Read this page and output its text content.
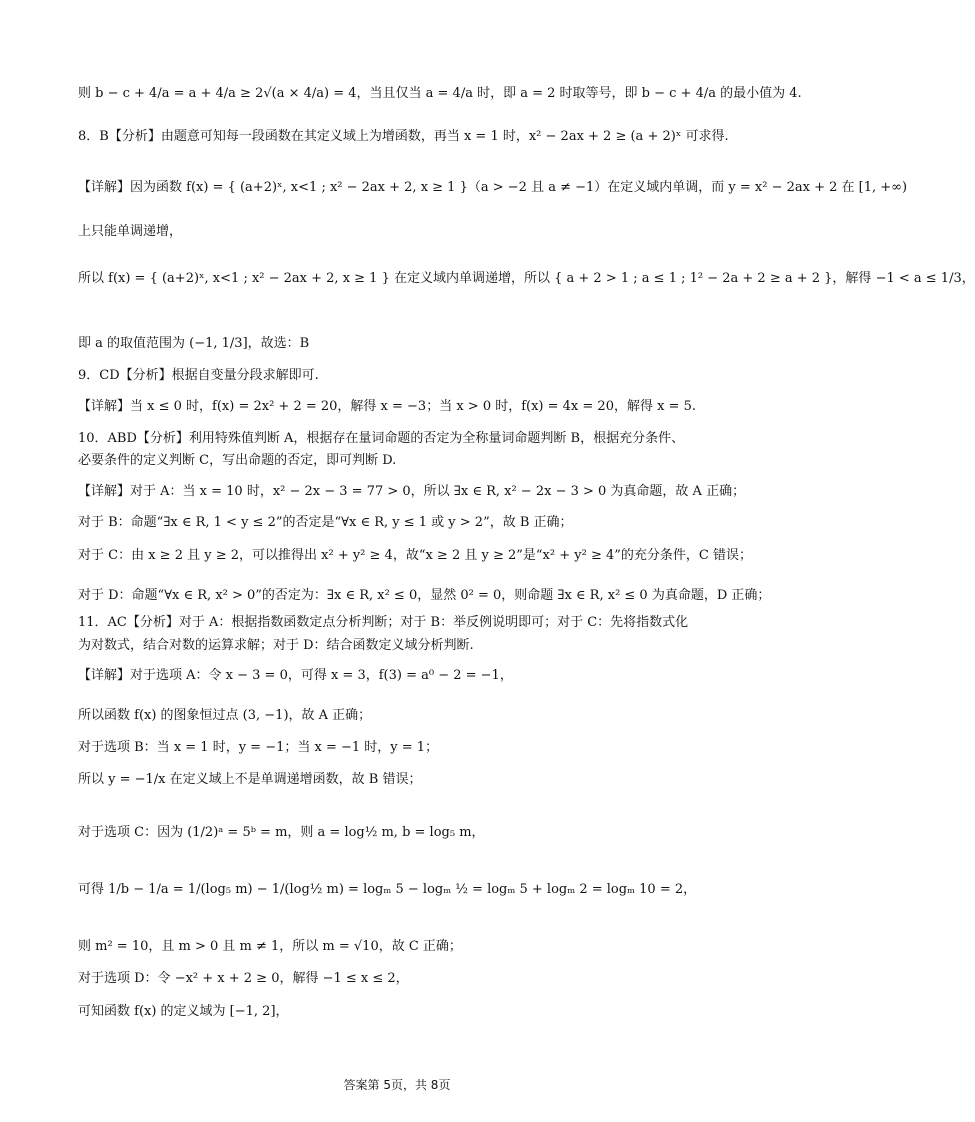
则 b − c + 4/a = a + 4/a ≥ 2√(a × 4/a) = 4，当且仅当 a = 4/a 时，即 a = 2 时取等号，即 b − c + 4/a 的最小值为 4.
8．B【分析】由题意可知每一段函数在其定义域上为增函数，再当 x = 1 时，x² − 2ax + 2 ≥ (a + 2)ˣ 可求得.
【详解】因为函数 f(x) = { (a+2)ˣ, x<1 ; x² − 2ax + 2, x ≥ 1 }（a > −2 且 a ≠ −1）在定义域内单调，而 y = x² − 2ax + 2 在 [1, +∞)
上只能单调递增，
所以 f(x) = { (a+2)ˣ, x<1 ; x² − 2ax + 2, x ≥ 1 } 在定义域内单调递增，所以 { a + 2 > 1 ; a ≤ 1 ; 1² − 2a + 2 ≥ a + 2 }，解得 −1 < a ≤ 1/3，
即 a 的取值范围为 (−1, 1/3]，故选：B
9．CD【分析】根据自变量分段求解即可.
【详解】当 x ≤ 0 时，f(x) = 2x² + 2 = 20，解得 x = −3；当 x > 0 时，f(x) = 4x = 20，解得 x = 5.
10．ABD【分析】利用特殊值判断 A，根据存在量词命题的否定为全称量词命题判断 B，根据充分条件、
必要条件的定义判断 C，写出命题的否定，即可判断 D.
【详解】对于 A：当 x = 10 时，x² − 2x − 3 = 77 > 0，所以 ∃x ∈ R, x² − 2x − 3 > 0 为真命题，故 A 正确；
对于 B：命题“∃x ∈ R, 1 < y ≤ 2”的否定是“∀x ∈ R, y ≤ 1 或 y > 2”，故 B 正确；
对于 C：由 x ≥ 2 且 y ≥ 2，可以推得出 x² + y² ≥ 4，故“x ≥ 2 且 y ≥ 2”是“x² + y² ≥ 4”的充分条件，C 错误；
对于 D：命题“∀x ∈ R, x² > 0”的否定为：∃x ∈ R, x² ≤ 0，显然 0² = 0，则命题 ∃x ∈ R, x² ≤ 0 为真命题，D 正确；
11．AC【分析】对于 A：根据指数函数定点分析判断；对于 B：举反例说明即可；对于 C：先将指数式化
为对数式，结合对数的运算求解；对于 D：结合函数定义域分析判断.
【详解】对于选项 A：令 x − 3 = 0，可得 x = 3，f(3) = a⁰ − 2 = −1，
所以函数 f(x) 的图象恒过点 (3, −1)，故 A 正确；
对于选项 B：当 x = 1 时，y = −1；当 x = −1 时，y = 1；
所以 y = −1/x 在定义域上不是单调递增函数，故 B 错误；
对于选项 C：因为 (1/2)ᵃ = 5ᵇ = m，则 a = log½ m, b = log₅ m，
可得 1/b − 1/a = 1/(log₅ m) − 1/(log½ m) = logₘ 5 − logₘ ½ = logₘ 5 + logₘ 2 = logₘ 10 = 2，
则 m² = 10，且 m > 0 且 m ≠ 1，所以 m = √10，故 C 正确；
对于选项 D：令 −x² + x + 2 ≥ 0，解得 −1 ≤ x ≤ 2，
可知函数 f(x) 的定义域为 [−1, 2]，
答案第 5页，共 8页
